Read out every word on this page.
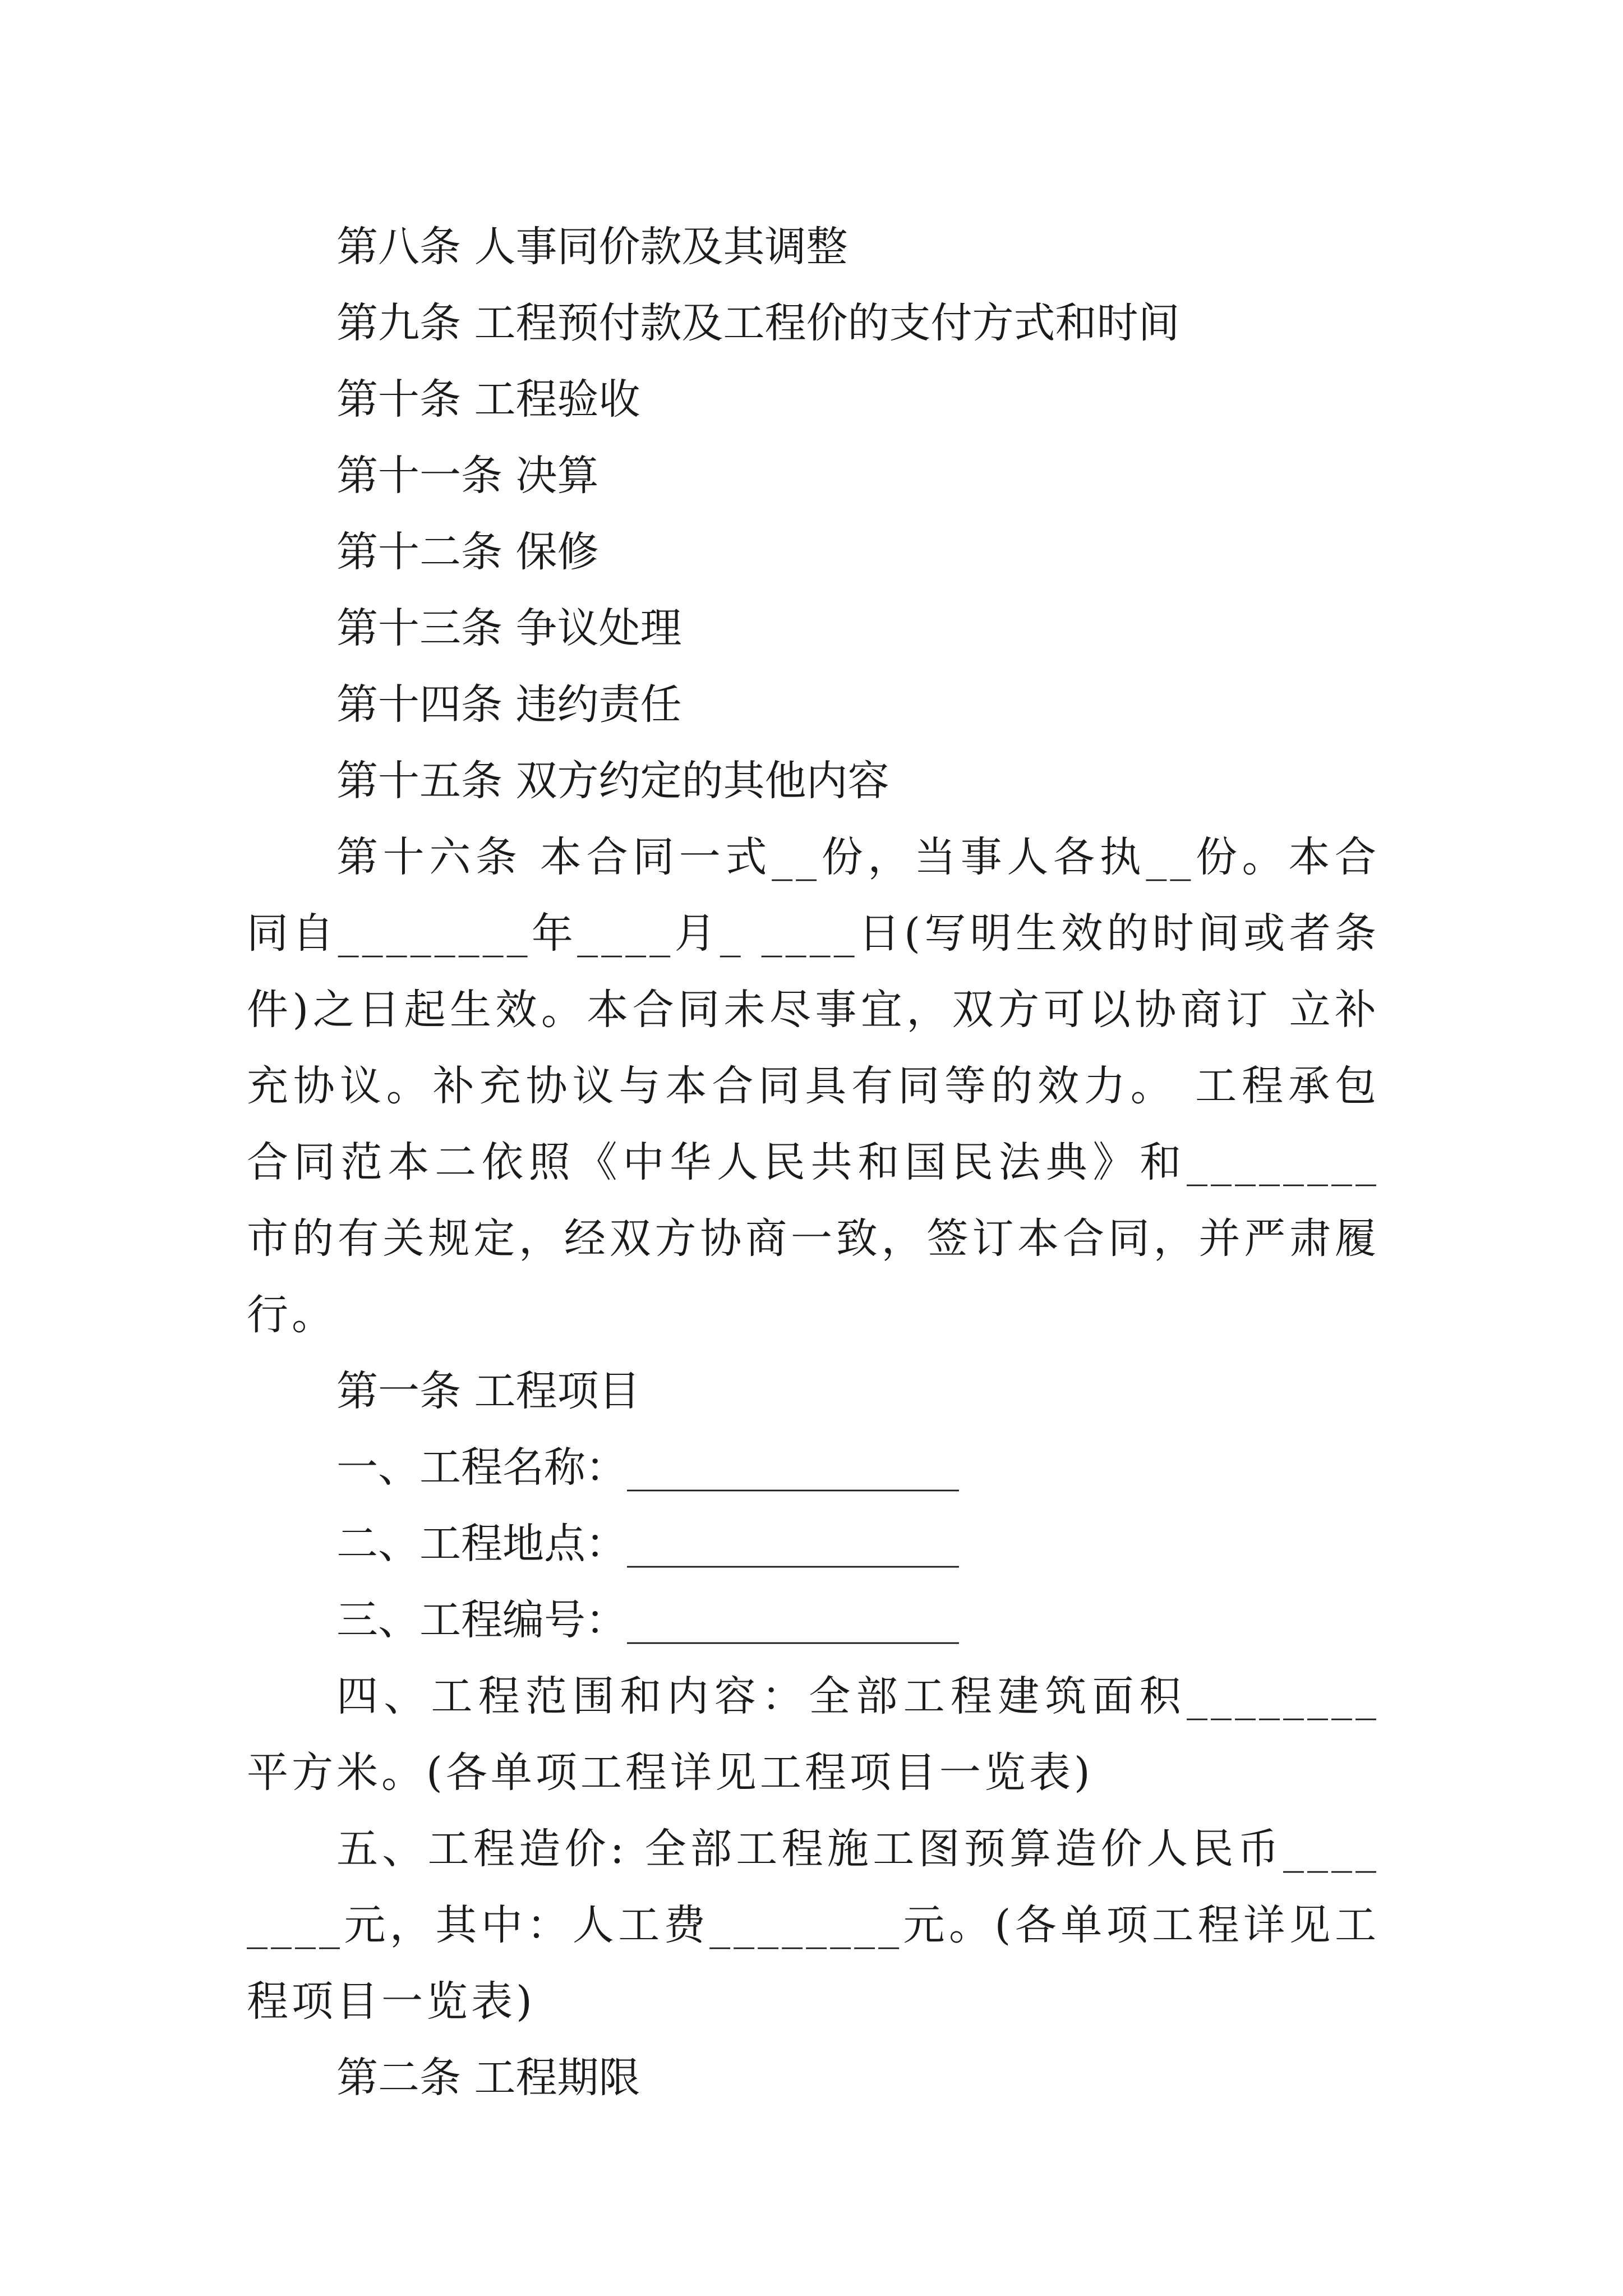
第八条 人事同价款及其调整

第九条 工程预付款及工程价的支付方式和时间

第十条 工程验收

第十一条 决算

第十二条 保修

第十三条 争议处理

第十四条 违约责任

第十五条 双方约定的其他内容

第十六条 本合同一式__份，当事人各执__份。本合同自________年____月_ ____日(写明生效的时间或者条件)之日起生效。本合同未尽事宜，双方可以协商订 立补充协议。补充协议与本合同具有同等的效力。 工程承包合同范本二依照《中华人民共和国民法典》和________市的有关规定，经双方协商一致，签订本合同，并严肃履行。

第一条 工程项目

一、工程名称：________________

二、工程地点：________________

三、工程编号：________________

四、工程范围和内容：全部工程建筑面积________平方米。(各单项工程详见工程项目一览表)

五、工程造价: 全部工程施工图预算造价人民币________元，其中：人工费________元。(各单项工程详见工程项目一览表)

第二条 工程期限
